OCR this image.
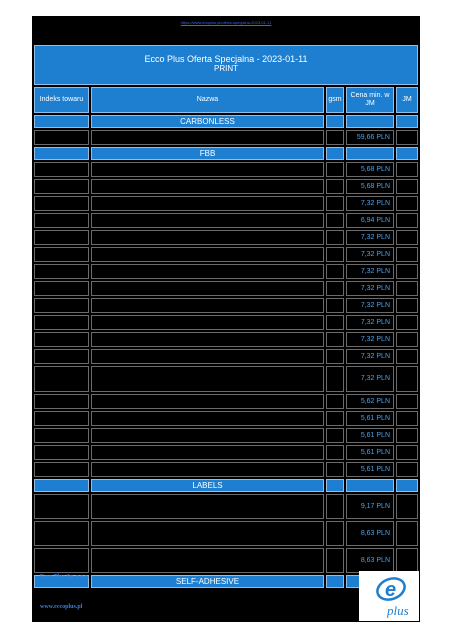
https://www.ecoplus.pl/oferta-specjalna-2023-01-11
Ecco Plus Oferta Specjalna - 2023-01-11
PRINT
Indeks towaru	Nazwa	gsm
Cena min. w JM
JM
CARBONLESS
59,66 PLN
FBB
5,68 PLN
5,68 PLN
7,32 PLN
6,94 PLN
7,32 PLN
7,32 PLN
7,32 PLN
7,32 PLN
7,32 PLN
7,32 PLN
7,32 PLN
7,32 PLN
7,32 PLN
5,62 PLN
5,61 PLN
5,61 PLN
5,61 PLN
5,61 PLN
LABELS
9,17 PLN
8,63 PLN
8,63 PLN
SELF-ADHESIVE
Ecco Plus Sp. z o.o.
www.eccoplus.pl
e
plus
